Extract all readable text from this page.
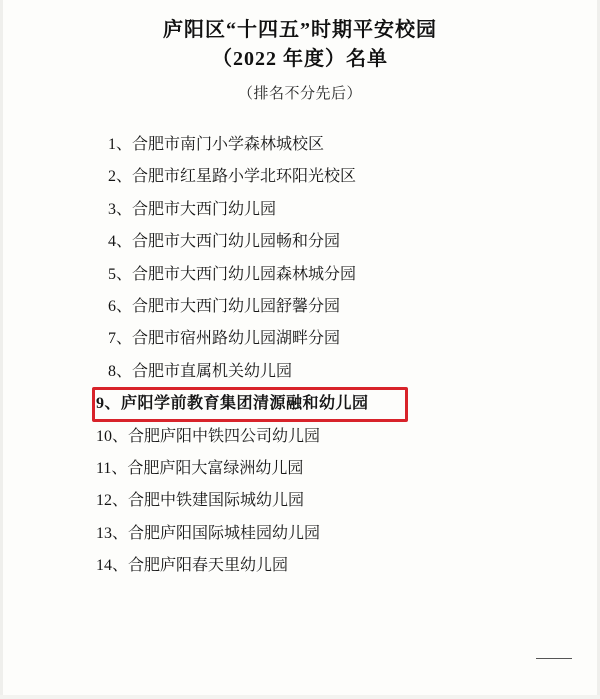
庐阳区“十四五”时期平安校园
（2022 年度）名单
（排名不分先后）
1、合肥市南门小学森林城校区
2、合肥市红星路小学北环阳光校区
3、合肥市大西门幼儿园
4、合肥市大西门幼儿园畅和分园
5、合肥市大西门幼儿园森林城分园
6、合肥市大西门幼儿园舒馨分园
7、合肥市宿州路幼儿园湖畔分园
8、合肥市直属机关幼儿园
9、庐阳学前教育集团清源融和幼儿园
10、合肥庐阳中铁四公司幼儿园
11、合肥庐阳大富绿洲幼儿园
12、合肥中铁建国际城幼儿园
13、合肥庐阳国际城桂园幼儿园
14、合肥庐阳春天里幼儿园
